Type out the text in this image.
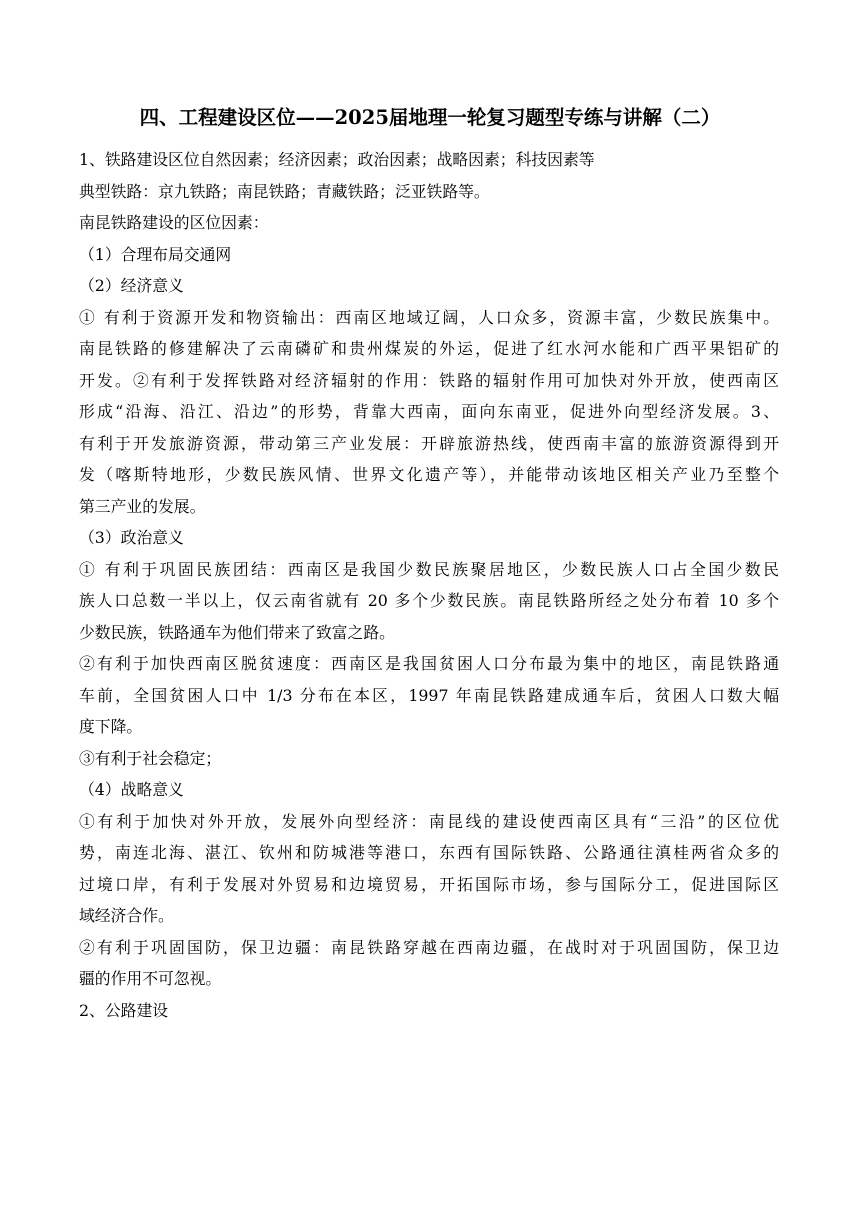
四、工程建设区位——2025届地理一轮复习题型专练与讲解（二）
1、铁路建设区位自然因素；经济因素；政治因素；战略因素；科技因素等
典型铁路：京九铁路；南昆铁路；青藏铁路；泛亚铁路等。
南昆铁路建设的区位因素：
（1）合理布局交通网
（2）经济意义
① 有利于资源开发和物资输出：西南区地域辽阔，人口众多，资源丰富，少数民族集中。
南昆铁路的修建解决了云南磷矿和贵州煤炭的外运，促进了红水河水能和广西平果铝矿的
开发。②有利于发挥铁路对经济辐射的作用：铁路的辐射作用可加快对外开放，使西南区
形成“沿海、沿江、沿边”的形势，背靠大西南，面向东南亚，促进外向型经济发展。3、
有利于开发旅游资源，带动第三产业发展：开辟旅游热线，使西南丰富的旅游资源得到开
发（喀斯特地形，少数民族风情、世界文化遗产等），并能带动该地区相关产业乃至整个
第三产业的发展。
（3）政治意义
① 有利于巩固民族团结：西南区是我国少数民族聚居地区，少数民族人口占全国少数民
族人口总数一半以上，仅云南省就有 20 多个少数民族。南昆铁路所经之处分布着 10 多个
少数民族，铁路通车为他们带来了致富之路。
②有利于加快西南区脱贫速度：西南区是我国贫困人口分布最为集中的地区，南昆铁路通
车前，全国贫困人口中 1/3 分布在本区，1997 年南昆铁路建成通车后，贫困人口数大幅
度下降。
③有利于社会稳定；
（4）战略意义
①有利于加快对外开放，发展外向型经济：南昆线的建设使西南区具有“三沿”的区位优
势，南连北海、湛江、钦州和防城港等港口，东西有国际铁路、公路通往滇桂两省众多的
过境口岸，有利于发展对外贸易和边境贸易，开拓国际市场，参与国际分工，促进国际区
域经济合作。
②有利于巩固国防，保卫边疆：南昆铁路穿越在西南边疆，在战时对于巩固国防，保卫边
疆的作用不可忽视。
2、公路建设
